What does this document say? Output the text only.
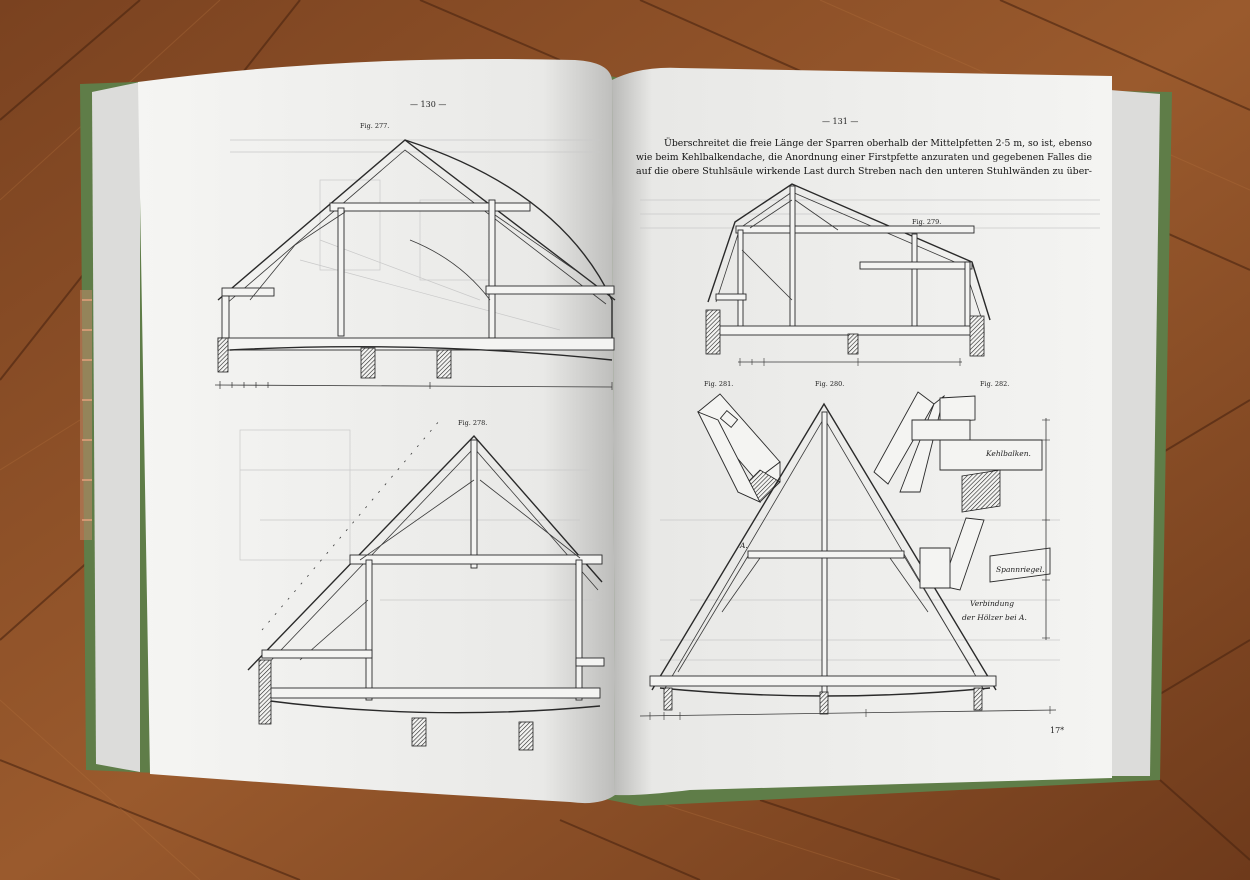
— 130 —
Fig. 277.
Fig. 278.
— 131 —
Überschreitet die freie Länge der Sparren oberhalb der Mittelpfetten 2·5 m, so ist, ebenso
wie beim Kehlbalkendache, die Anordnung einer Firstpfette anzuraten und gegebenen Falles die
auf die obere Stuhlsäule wirkende Last durch Streben nach den unteren Stuhlwänden zu über-
Fig. 279.
Fig. 281.	Fig. 280.	Fig. 282.
A.
Kehlbalken.
Spannriegel.
Verbindung
der Hölzer bei A.
17*
